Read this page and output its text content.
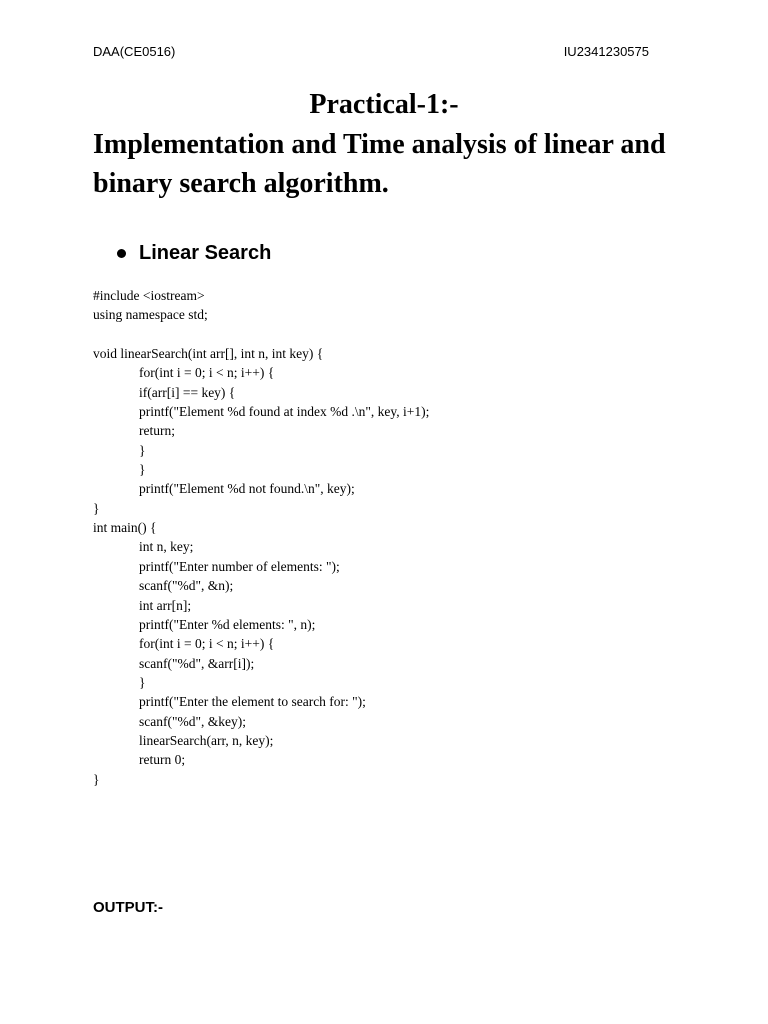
DAA(CE0516)	IU2341230575
Practical-1:-
Implementation and Time analysis of linear and binary search algorithm.
Linear Search
#include <iostream>
using namespace std;
void linearSearch(int arr[], int n, int key) {
for(int i = 0; i < n; i++) {
if(arr[i] == key) {
printf("Element %d found at index %d .\n", key, i+1);
return;
}
}
printf("Element %d not found.\n", key);
}
int main() {
int n, key;
printf("Enter number of elements: ");
scanf("%d", &n);
int arr[n];
printf("Enter %d elements: ", n);
for(int i = 0; i < n; i++) {
scanf("%d", &arr[i]);
}
printf("Enter the element to search for: ");
scanf("%d", &key);
linearSearch(arr, n, key);
return 0;
}
OUTPUT:-
